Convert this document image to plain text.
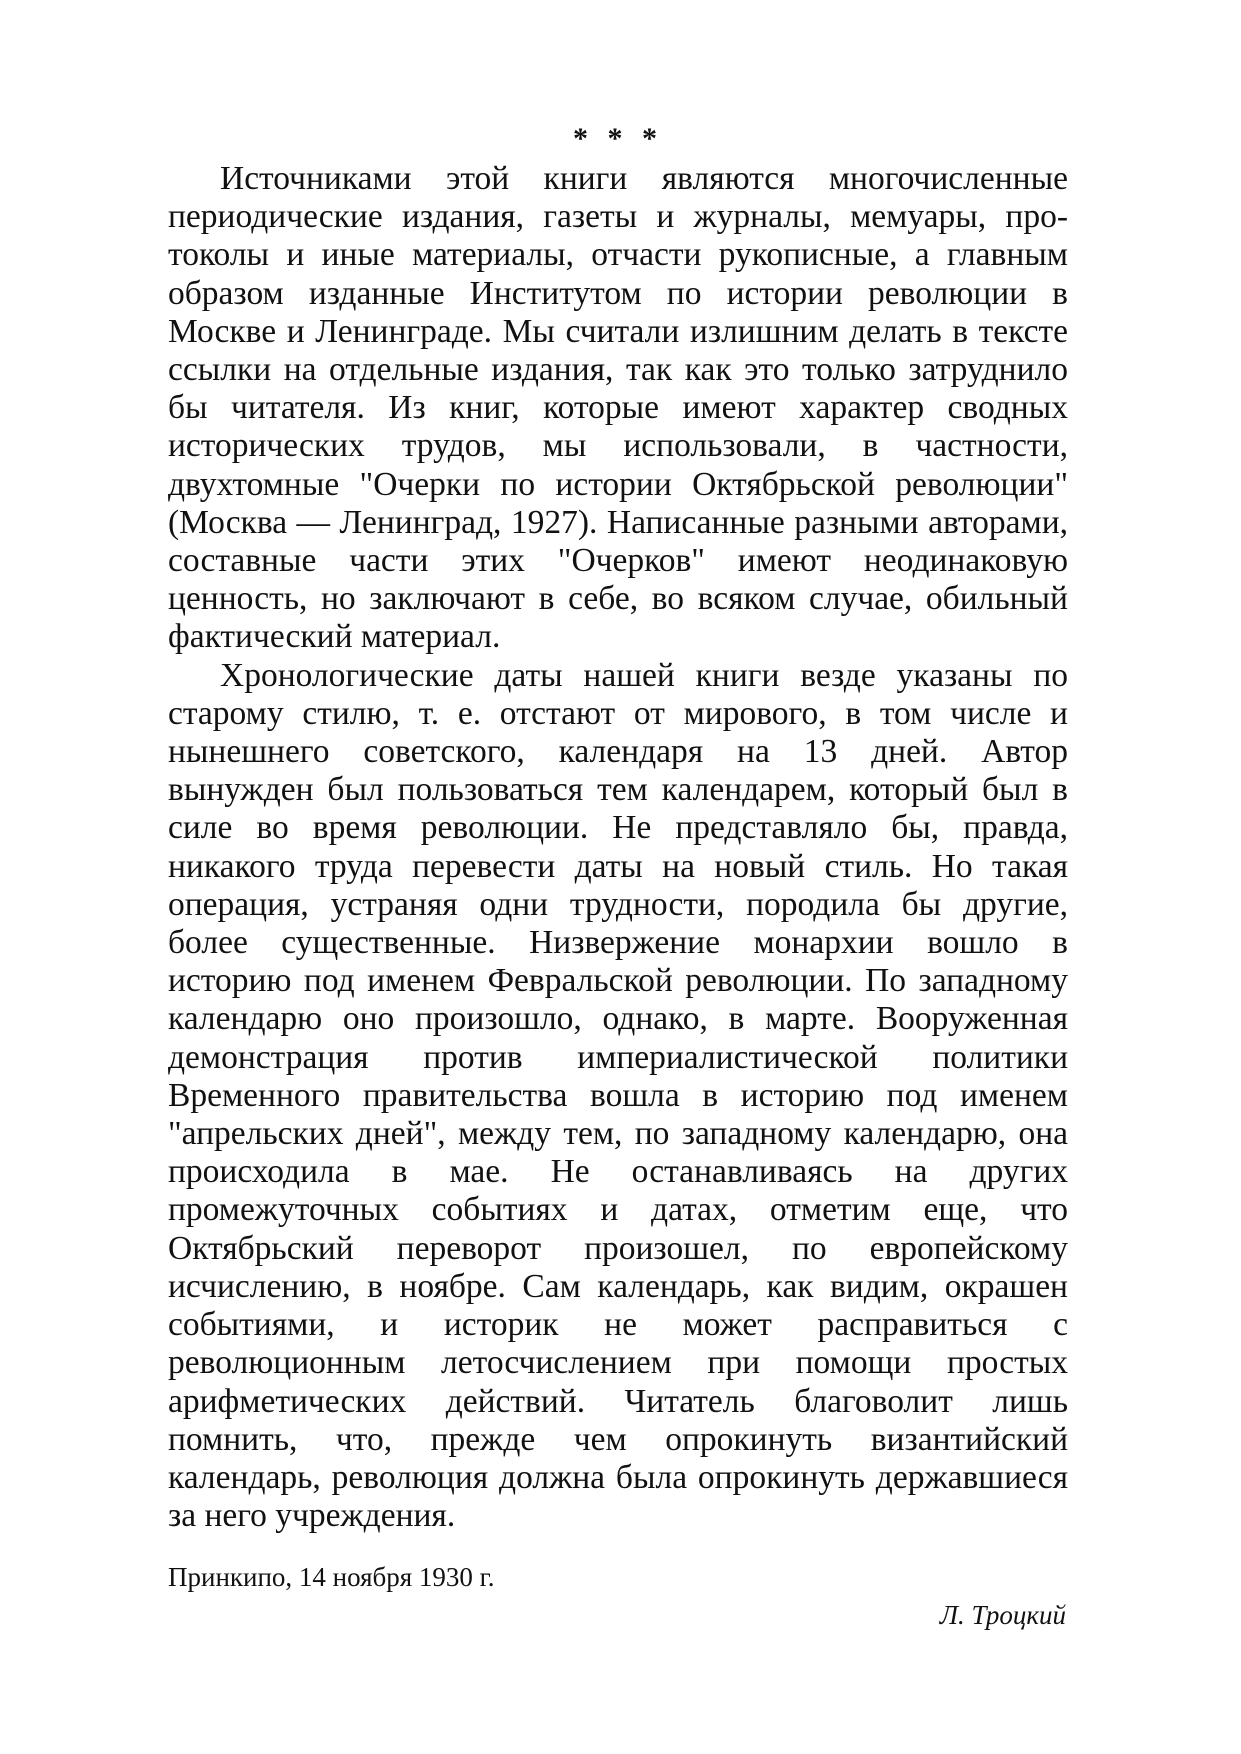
* * *

Источниками этой книги являются многочисленные периодические издания, газеты и журналы, мемуары, протоколы и иные материалы, отчасти рукописные, а главным образом изданные Институтом по истории революции в Москве и Ленинграде. Мы считали излишним делать в тексте ссылки на отдельные издания, так как это только затруднило бы читателя. Из книг, которые имеют характер сводных исторических трудов, мы использовали, в частности, двухтомные "Очерки по истории Октябрьской революции" (Москва — Ленинград, 1927). Написанные разными авторами, составные части этих "Очерков" имеют неодинаковую ценность, но заключают в себе, во всяком случае, обильный фактический материал.

Хронологические даты нашей книги везде указаны по старому стилю, т. е. отстают от мирового, в том числе и нынешнего советского, календаря на 13 дней. Автор вынужден был пользоваться тем календарем, который был в силе во время революции. Не представляло бы, правда, никакого труда перевести даты на новый стиль. Но такая операция, устраняя одни трудности, породила бы другие, более существенные. Низвержение монархии вошло в историю под именем Февральской революции. По западному календарю оно произошло, однако, в марте. Вооруженная демонстрация против империалистической политики Временного правительства вошла в историю под именем "апрельских дней", между тем, по западному календарю, она происходила в мае. Не останавливаясь на других промежуточных событиях и датах, отметим еще, что Октябрьский переворот произошел, по европейскому исчислению, в ноябре. Сам календарь, как видим, окрашен событиями, и историк не может расправиться с революционным летосчислением при помощи простых арифметических действий. Читатель благоволит лишь помнить, что, прежде чем опрокинуть византийский календарь, революция должна была опрокинуть державшиеся за него учреждения.

Принкипо, 14 ноября 1930 г.
Л. Троцкий
